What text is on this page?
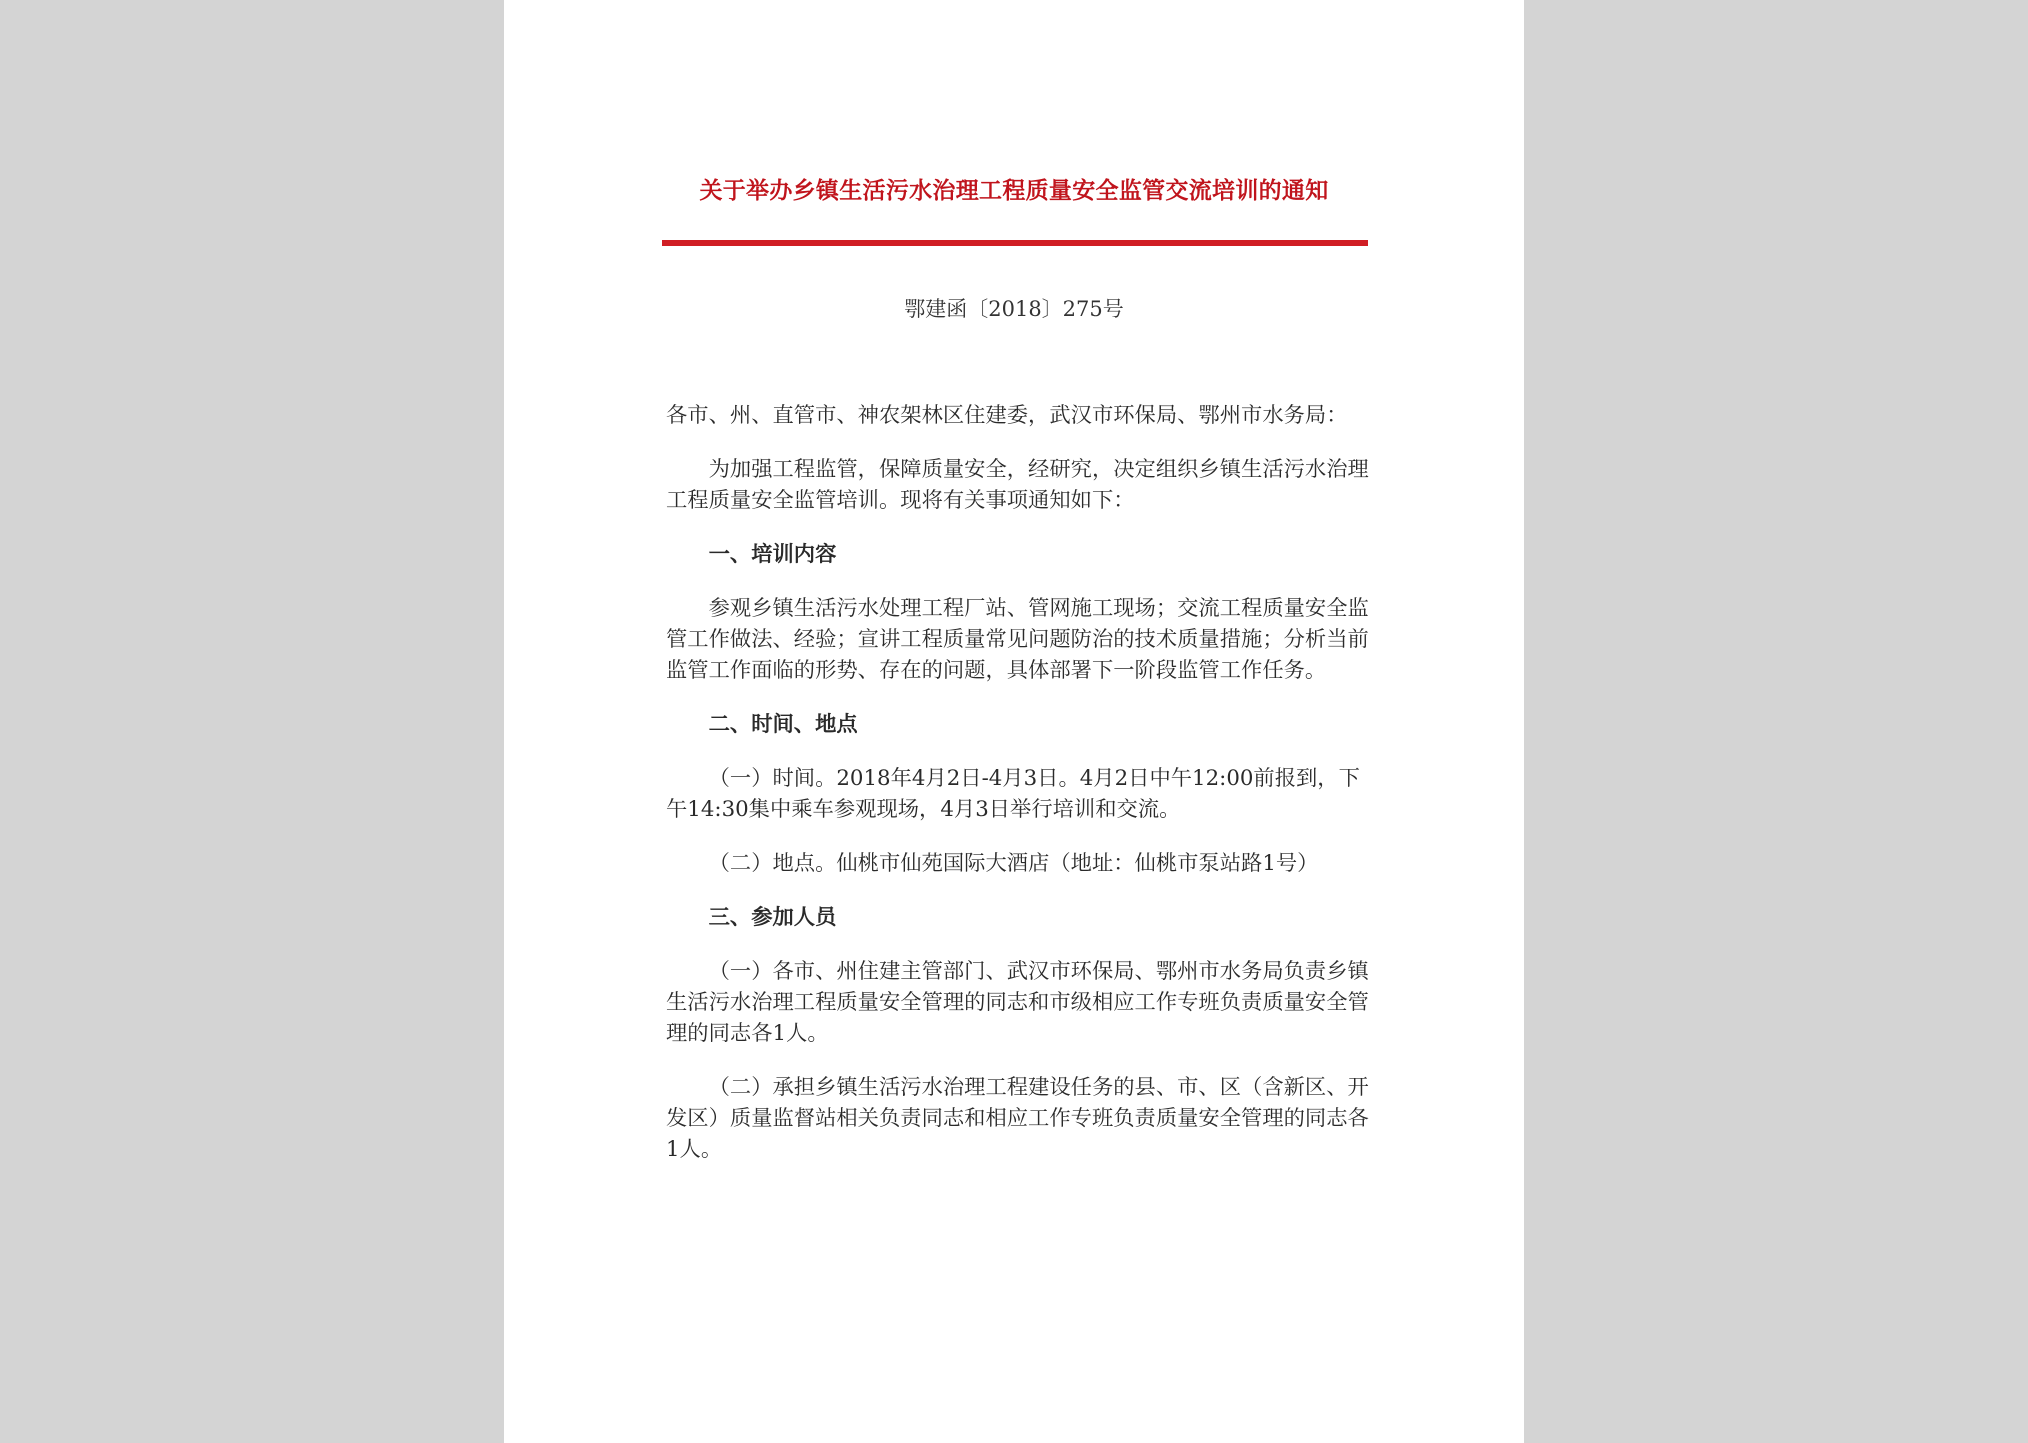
关于举办乡镇生活污水治理工程质量安全监管交流培训的通知

鄂建函〔2018〕275号

各市、州、直管市、神农架林区住建委，武汉市环保局、鄂州市水务局：

为加强工程监管，保障质量安全，经研究，决定组织乡镇生活污水治理工程质量安全监管培训。现将有关事项通知如下：

一、培训内容

参观乡镇生活污水处理工程厂站、管网施工现场；交流工程质量安全监管工作做法、经验；宣讲工程质量常见问题防治的技术质量措施；分析当前监管工作面临的形势、存在的问题，具体部署下一阶段监管工作任务。

二、时间、地点

（一）时间。2018年4月2日-4月3日。4月2日中午12:00前报到，下午14:30集中乘车参观现场，4月3日举行培训和交流。

（二）地点。仙桃市仙苑国际大酒店（地址：仙桃市泵站路1号）

三、参加人员

（一）各市、州住建主管部门、武汉市环保局、鄂州市水务局负责乡镇生活污水治理工程质量安全管理的同志和市级相应工作专班负责质量安全管理的同志各1人。

（二）承担乡镇生活污水治理工程建设任务的县、市、区（含新区、开发区）质量监督站相关负责同志和相应工作专班负责质量安全管理的同志各1人。
